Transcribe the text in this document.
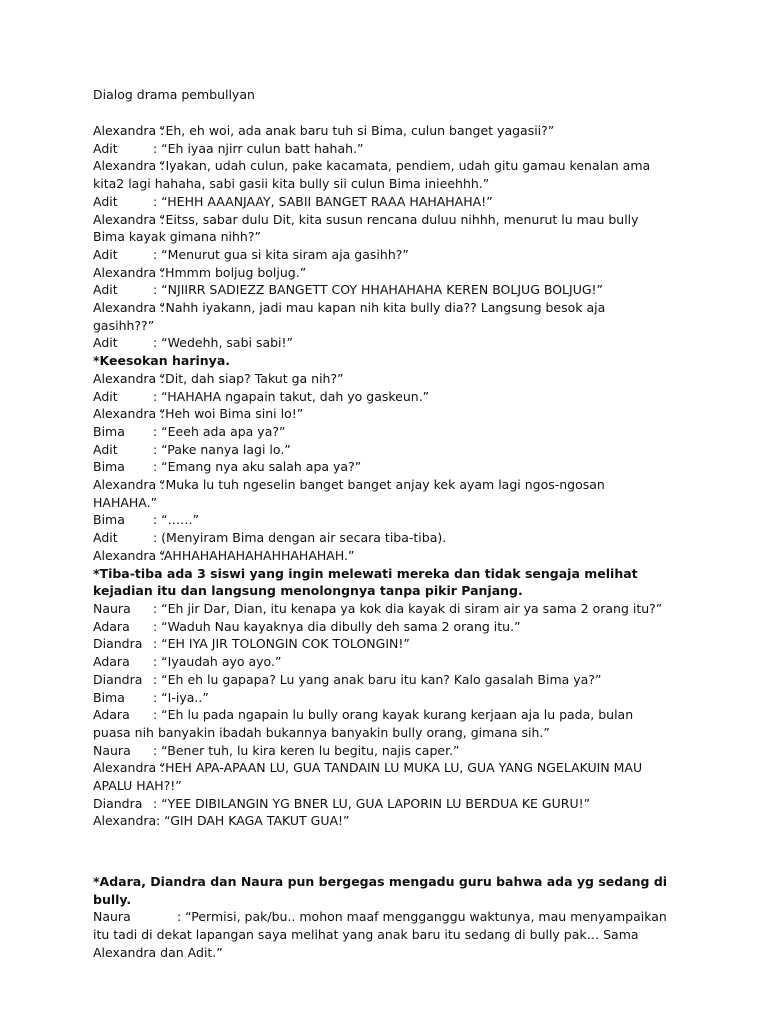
Dialog drama pembullyan
Alexandra :
“Eh, eh woi, ada anak baru tuh si Bima, culun banget yagasii?”
Adit	: “Eh iyaa njirr culun batt hahah.”
Alexandra :
“Iyakan, udah culun, pake kacamata, pendiem, udah gitu gamau kenalan ama kita2 lagi hahaha, sabi gasii kita bully sii culun Bima inieehhh.”
Adit	: “HEHH AAANJAAY, SABII BANGET RAAA HAHAHAHA!”
Alexandra :
“Eitss, sabar dulu Dit, kita susun rencana duluu nihhh, menurut lu mau bully Bima kayak gimana nihh?”
Adit	: “Menurut gua si kita siram aja gasihh?”
Alexandra :
“Hmmm boljug boljug.”
Adit	: “NJIIRR SADIEZZ BANGETT COY HHAHAHAHA KEREN BOLJUG BOLJUG!”
Alexandra :
“Nahh iyakann, jadi mau kapan nih kita bully dia?? Langsung besok aja gasihh??”
Adit	: “Wedehh, sabi sabi!”
*Keesokan harinya.
Alexandra :
“Dit, dah siap? Takut ga nih?”
Adit	: “HAHAHA ngapain takut, dah yo gaskeun.”
Alexandra :
“Heh woi Bima sini lo!”
Bima	: “Eeeh ada apa ya?”
Adit	: “Pake nanya lagi lo.”
Bima	: “Emang nya aku salah apa ya?”
Alexandra :
“Muka lu tuh ngeselin banget banget anjay kek ayam lagi ngos-ngosan HAHAHA.”
Bima	: “……”
Adit	: (Menyiram Bima dengan air secara tiba-tiba).
Alexandra :
“AHHAHAHAHAHAHHAHAHAH.”
*Tiba-tiba ada 3 siswi yang ingin melewati mereka dan tidak sengaja melihat kejadian itu dan langsung menolongnya tanpa pikir Panjang.
Naura	: “Eh jir Dar, Dian, itu kenapa ya kok dia kayak di siram air ya sama 2 orang itu?”
Adara	: “Waduh Nau kayaknya dia dibully deh sama 2 orang itu.”
Diandra : “EH IYA JIR TOLONGIN COK TOLONGIN!”
Adara	: “Iyaudah ayo ayo.”
Diandra : “Eh eh lu gapapa? Lu yang anak baru itu kan? Kalo gasalah Bima ya?”
Bima	: “I-iya..”
Adara	: “Eh lu pada ngapain lu bully orang kayak kurang kerjaan aja lu pada, bulan puasa nih banyakin ibadah bukannya banyakin bully orang, gimana sih.”
Naura	: “Bener tuh, lu kira keren lu begitu, najis caper.”
Alexandra :
“HEH APA-APAAN LU, GUA TANDAIN LU MUKA LU, GUA YANG NGELAKUIN MAU APALU HAH?!”
Diandra : “YEE DIBILANGIN YG BNER LU, GUA LAPORIN LU BERDUA KE GURU!”
Alexandra : “GIH DAH KAGA TAKUT GUA!”
*Adara, Diandra dan Naura pun bergegas mengadu guru bahwa ada yg sedang di bully.
Naura	: “Permisi, pak/bu.. mohon maaf mengganggu waktunya, mau menyampaikan itu tadi di dekat lapangan saya melihat yang anak baru itu sedang di bully pak… Sama Alexandra dan Adit.”
